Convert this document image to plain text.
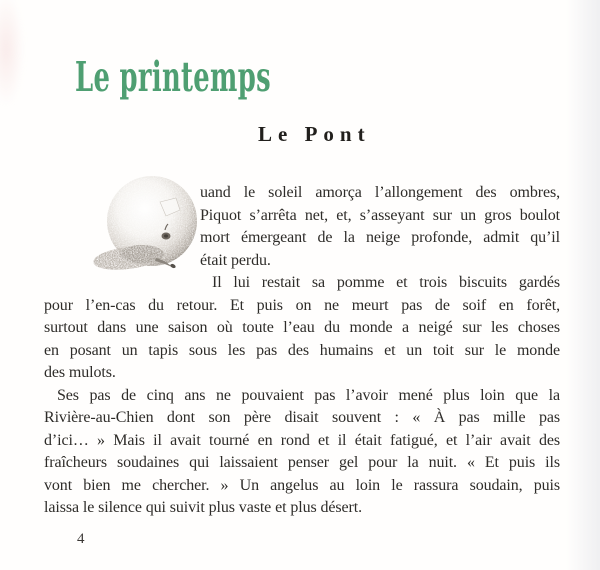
Le printemps
Le Pont
uand le soleil amorça l’allongement des ombres,
Piquot s’arrêta net, et, s’asseyant sur un gros boulot
mort émergeant de la neige profonde, admit qu’il
était perdu.
Il lui restait sa pomme et trois biscuits gardés
pour l’en-cas du retour. Et puis on ne meurt pas de soif en forêt,
surtout dans une saison où toute l’eau du monde a neigé sur les choses
en posant un tapis sous les pas des humains et un toit sur le monde
des mulots.
Ses pas de cinq ans ne pouvaient pas l’avoir mené plus loin que la
Rivière-au-Chien dont son père disait souvent : « À pas mille pas
d’ici… » Mais il avait tourné en rond et il était fatigué, et l’air avait des
fraîcheurs soudaines qui laissaient penser gel pour la nuit. « Et puis ils
vont bien me chercher. » Un angelus au loin le rassura soudain, puis
laissa le silence qui suivit plus vaste et plus désert.
4
